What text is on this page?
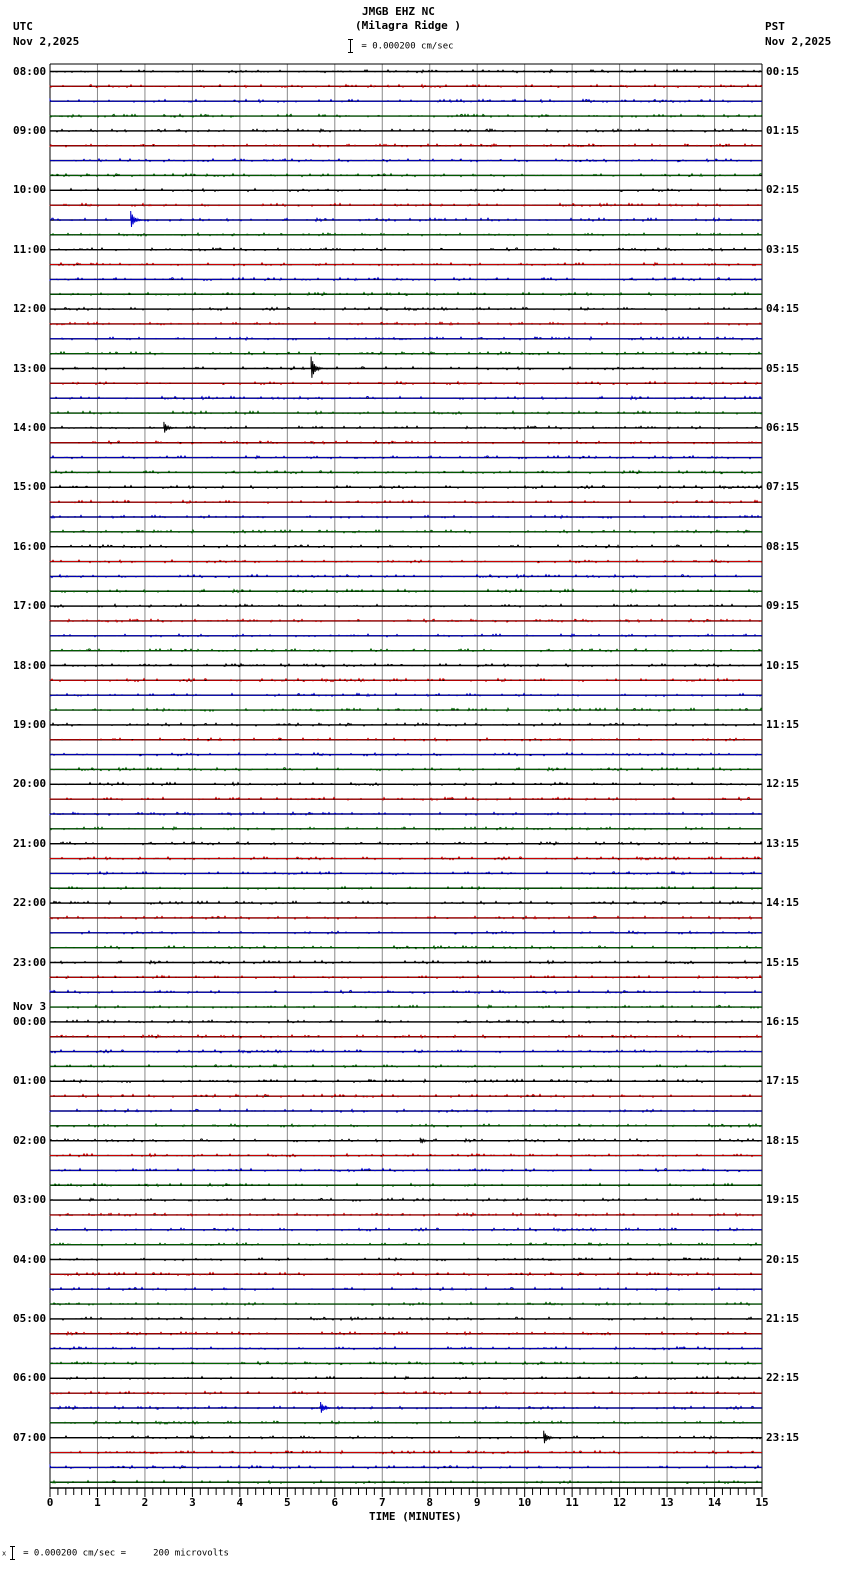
UTC
Nov 2,2025
JMGB EHZ NC
(Milagra Ridge )
= 0.000200 cm/sec
PST
Nov 2,2025
08:00
09:00
10:00
11:00
12:00
13:00
14:00
15:00
16:00
17:00
18:00
19:00
20:00
21:00
22:00
23:00
Nov 3
00:00
01:00
02:00
03:00
04:00
05:00
06:00
07:00
00:15
01:15
02:15
03:15
04:15
05:15
06:15
07:15
08:15
09:15
10:15
11:15
12:15
13:15
14:15
15:15
16:15
17:15
18:15
19:15
20:15
21:15
22:15
23:15
0	1	2	3	4	5	6	7	8	9	10	11	12	13	14	15
TIME (MINUTES)
x = 0.000200 cm/sec =     200 microvolts
